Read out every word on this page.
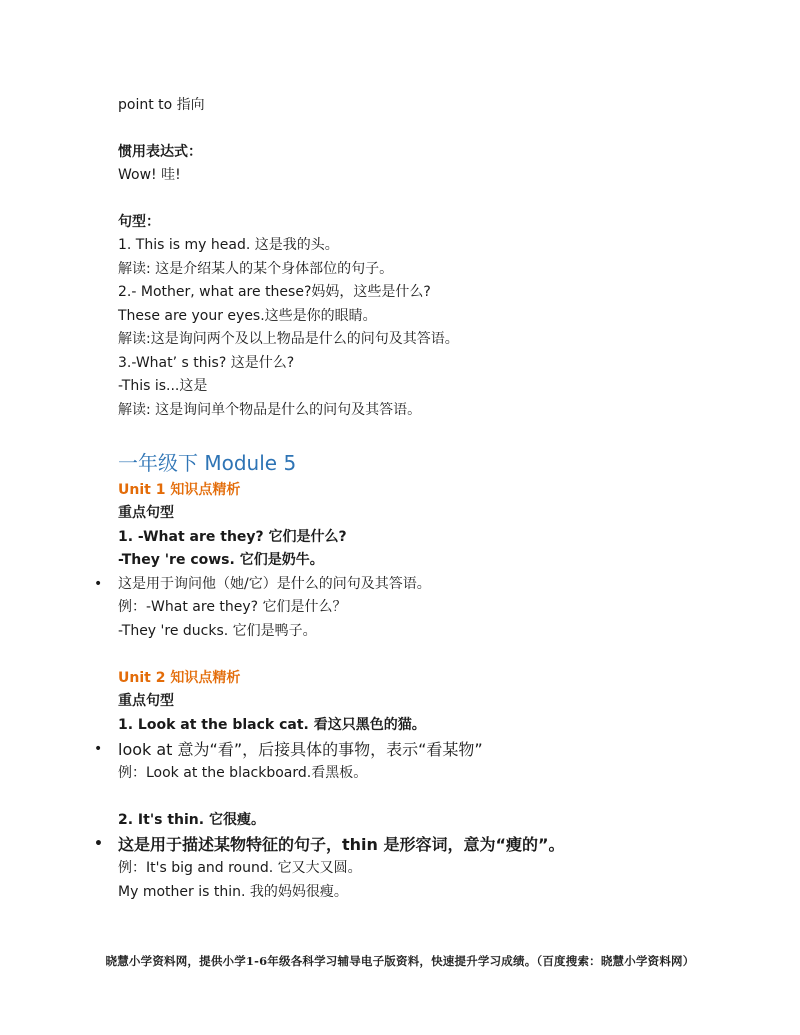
point to 指向
惯用表达式：
Wow! 哇!
句型：
1. This is my head. 这是我的头。
解读: 这是介绍某人的某个身体部位的句子。
2.- Mother, what are these?妈妈，这些是什么?
These are your eyes.这些是你的眼睛。
解读:这是询问两个及以上物品是什么的问句及其答语。
3.-What’ s this? 这是什么?
-This is...这是
解读: 这是询问单个物品是什么的问句及其答语。
一年级下 Module 5
Unit 1 知识点精析
重点句型
1. -What are they? 它们是什么?
-They 're cows. 它们是奶牛。
• 这是用于询问他（她/它）是什么的问句及其答语。
例：-What are they? 它们是什么？
-They 're ducks. 它们是鸭子。
Unit 2 知识点精析
重点句型
1. Look at the black cat. 看这只黑色的猫。
• look at 意为“看”，后接具体的事物，表示“看某物”
例：Look at the blackboard.看黑板。
2. It's thin. 它很瘦。
• 这是用于描述某物特征的句子，thin 是形容词，意为“瘦的”。
例：It's big and round. 它又大又圆。
My mother is thin. 我的妈妈很瘦。
晓慧小学资料网，提供小学1-6年级各科学习辅导电子版资料，快速提升学习成绩。（百度搜索：晓慧小学资料网）
